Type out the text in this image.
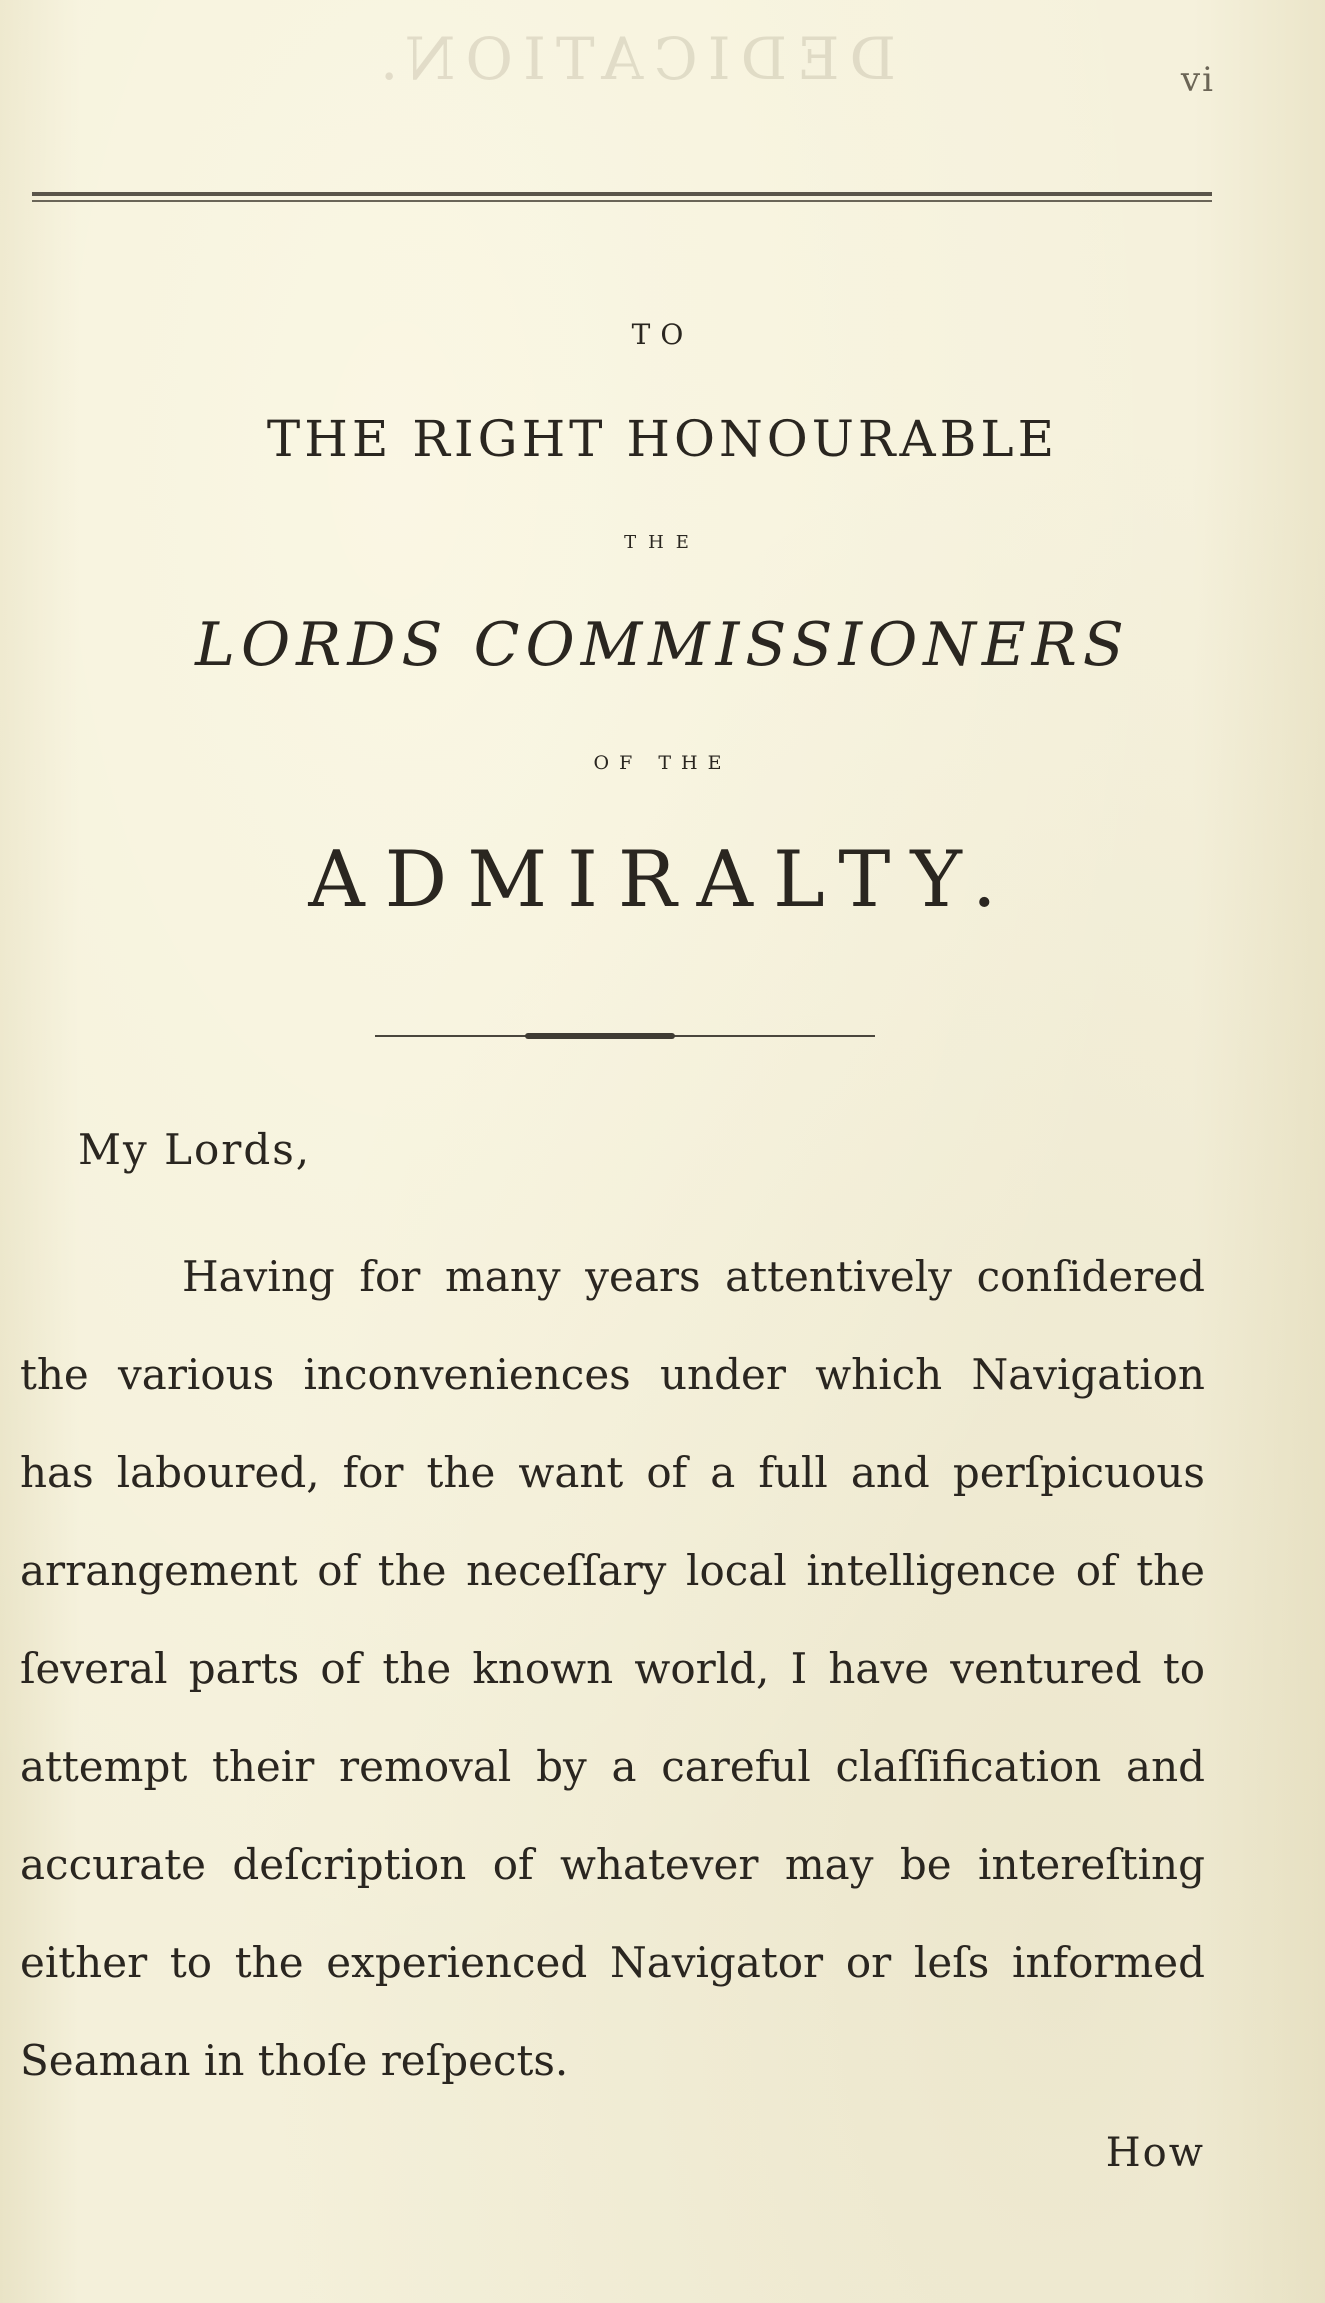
DEDICATION.	vi
TO
THE RIGHT HONOURABLE
THE
LORDS COMMISSIONERS
OF THE
ADMIRALTY.
My Lords,

Having for many years attentively conſidered the various inconveniences under which Navigation has laboured, for the want of a full and perſpicuous arrangement of the neceſſary local intelligence of the ſeveral parts of the known world, I have ventured to attempt their removal by a careful claſſification and accurate deſcription of whatever may be intereſting either to the experienced Navigator or leſs informed Seaman in thoſe reſpects.

How
